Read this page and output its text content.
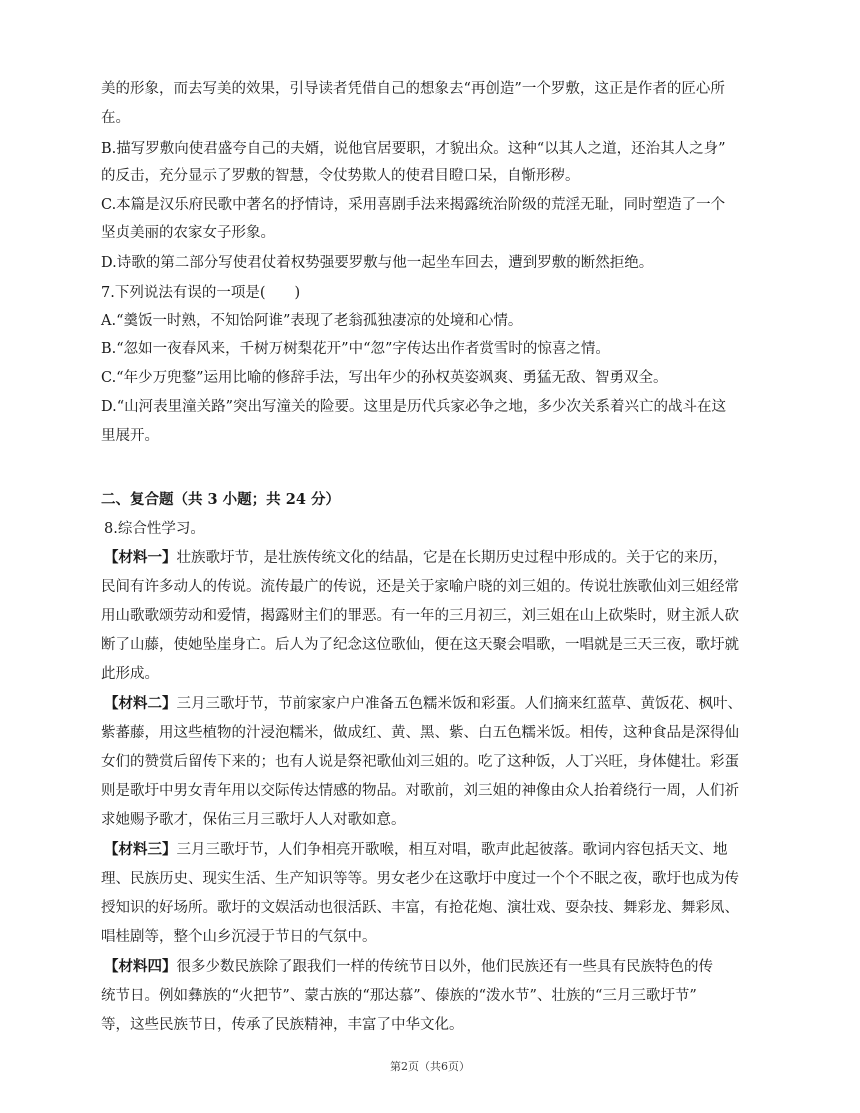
美的形象，而去写美的效果，引导读者凭借自己的想象去“再创造”一个罗敷，这正是作者的匠心所
在。
B.描写罗敷向使君盛夸自己的夫婿，说他官居要职，才貌出众。这种“以其人之道，还治其人之身”
的反击，充分显示了罗敷的智慧，令仗势欺人的使君目瞪口呆，自惭形秽。
C.本篇是汉乐府民歌中著名的抒情诗，采用喜剧手法来揭露统治阶级的荒淫无耻，同时塑造了一个
坚贞美丽的农家女子形象。
D.诗歌的第二部分写使君仗着权势强要罗敷与他一起坐车回去，遭到罗敷的断然拒绝。
7.下列说法有误的一项是(　　)
A.“羹饭一时熟，不知饴阿谁”表现了老翁孤独凄凉的处境和心情。
B.“忽如一夜春风来，千树万树梨花开”中“忽”字传达出作者赏雪时的惊喜之情。
C.“年少万兜鍪”运用比喻的修辞手法，写出年少的孙权英姿飒爽、勇猛无敌、智勇双全。
D.“山河表里潼关路”突出写潼关的险要。这里是历代兵家必争之地，多少次关系着兴亡的战斗在这
里展开。
二、复合题（共 3 小题；共 24 分）
8.综合性学习。
【材料一】壮族歌圩节，是壮族传统文化的结晶，它是在长期历史过程中形成的。关于它的来历，
民间有许多动人的传说。流传最广的传说，还是关于家喻户晓的刘三姐的。传说壮族歌仙刘三姐经常
用山歌歌颂劳动和爱情，揭露财主们的罪恶。有一年的三月初三，刘三姐在山上砍柴时，财主派人砍
断了山藤，使她坠崖身亡。后人为了纪念这位歌仙，便在这天聚会唱歌，一唱就是三天三夜，歌圩就
此形成。
【材料二】三月三歌圩节，节前家家户户准备五色糯米饭和彩蛋。人们摘来红蓝草、黄饭花、枫叶、
紫蕃藤，用这些植物的汁浸泡糯米，做成红、黄、黑、紫、白五色糯米饭。相传，这种食品是深得仙
女们的赞赏后留传下来的；也有人说是祭祀歌仙刘三姐的。吃了这种饭，人丁兴旺，身体健壮。彩蛋
则是歌圩中男女青年用以交际传达情感的物品。对歌前，刘三姐的神像由众人抬着绕行一周，人们祈
求她赐予歌才，保佑三月三歌圩人人对歌如意。
【材料三】三月三歌圩节，人们争相亮开歌喉，相互对唱，歌声此起彼落。歌词内容包括天文、地
理、民族历史、现实生活、生产知识等等。男女老少在这歌圩中度过一个个不眠之夜，歌圩也成为传
授知识的好场所。歌圩的文娱活动也很活跃、丰富，有抢花炮、演壮戏、耍杂技、舞彩龙、舞彩凤、
唱桂剧等，整个山乡沉浸于节日的气氛中。
【材料四】很多少数民族除了跟我们一样的传统节日以外，他们民族还有一些具有民族特色的传
统节日。例如彝族的“火把节”、蒙古族的“那达慕”、傣族的“泼水节”、壮族的“三月三歌圩节”
等，这些民族节日，传承了民族精神，丰富了中华文化。
第2页（共6页）
